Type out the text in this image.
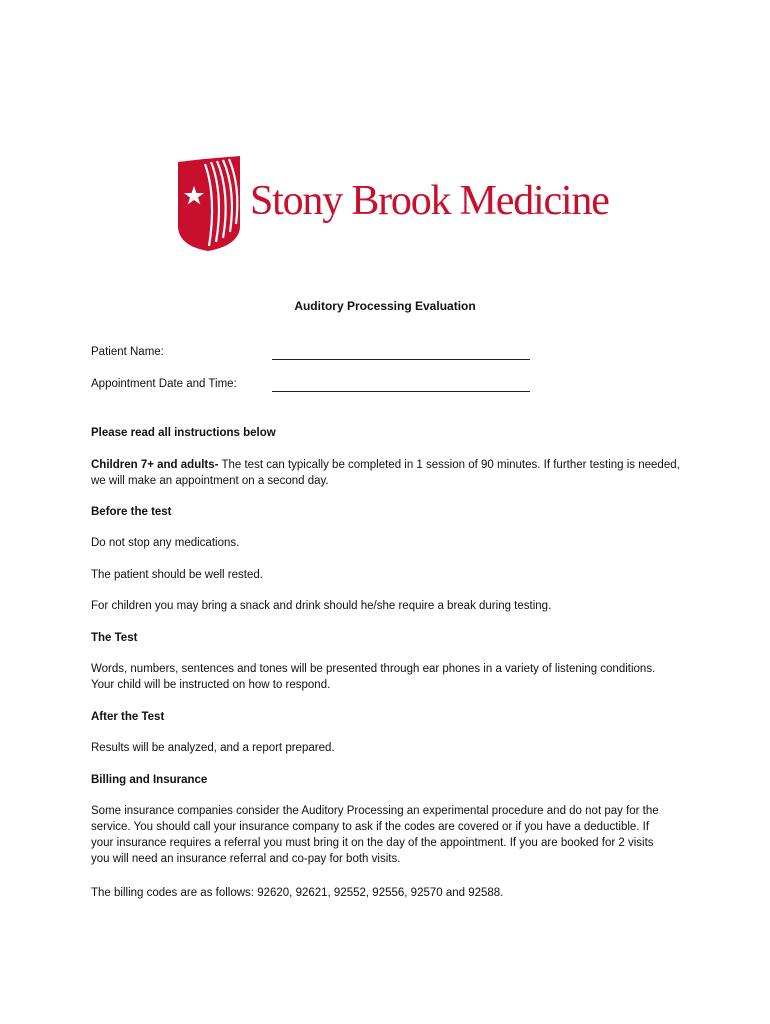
Stony Brook Medicine
Auditory Processing Evaluation
Patient Name:
Appointment Date and Time:
Please read all instructions below
Children 7+ and adults- The test can typically be completed in 1 session of 90 minutes. If further testing is needed, we will make an appointment on a second day.
Before the test
Do not stop any medications.
The patient should be well rested.
For children you may bring a snack and drink should he/she require a break during testing.
The Test
Words, numbers, sentences and tones will be presented through ear phones in a variety of listening conditions. Your child will be instructed on how to respond.
After the Test
Results will be analyzed, and a report prepared.
Billing and Insurance
Some insurance companies consider the Auditory Processing an experimental procedure and do not pay for the service. You should call your insurance company to ask if the codes are covered or if you have a deductible. If your insurance requires a referral you must bring it on the day of the appointment. If you are booked for 2 visits you will need an insurance referral and co-pay for both visits.
The billing codes are as follows: 92620, 92621, 92552, 92556, 92570 and 92588.
